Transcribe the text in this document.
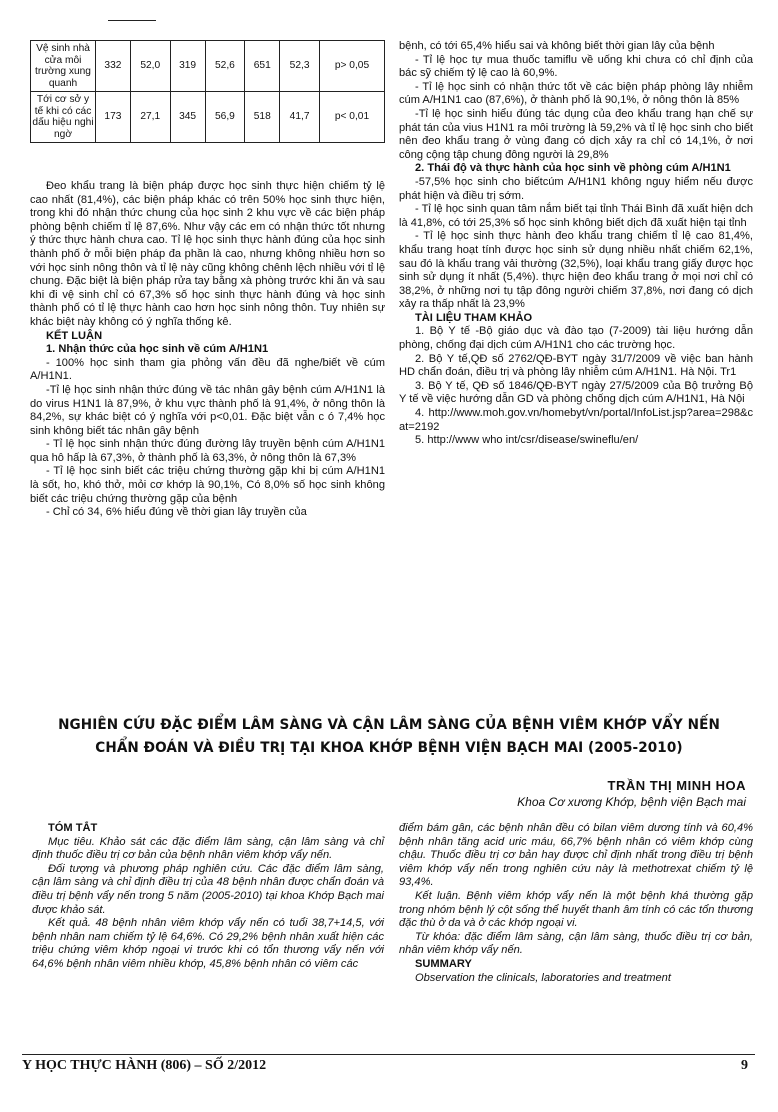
Vệ sinh nhà cửa môi trường xung quanh	332	52,0	319	52,6	651	52,3	p> 0,05
Tới cơ sở y tế khi có các dấu hiệu nghi ngờ	173	27,1	345	56,9	518	41,7	p< 0,01

Đeo khẩu trang là biện pháp được học sinh thực hiện chiếm tỷ lệ cao nhất (81,4%), các biện pháp khác có trên 50% học sinh thực hiện, trong khi đó nhận thức chung của học sinh 2 khu vực về các biện pháp phòng bệnh chiếm tỉ lệ 87,6%. Như vậy các em có nhận thức tốt nhưng ý thức thực hành chưa cao. Tỉ lệ học sinh thực hành đúng của học sinh thành phố ở mỗi biện pháp đa phần là cao, nhưng không nhiều hơn so với học sinh nông thôn và tỉ lệ này cũng không chênh lệch nhiều với tỉ lệ chung. Đặc biệt là biện pháp rửa tay bằng xà phòng trước khi ăn và sau khi đi vệ sinh chỉ có 67,3% số học sinh thực hành đúng và học sinh thành phố có tỉ lệ thực hành cao hơn học sinh nông thôn. Tuy nhiên sự khác biệt này không có ý nghĩa thống kê.

KẾT LUẬN

1. Nhận thức của học sinh về cúm A/H1N1

- 100% học sinh tham gia phỏng vấn đều đã nghe/biết về cúm A/H1N1.

-Tỉ lệ học sinh nhận thức đúng về tác nhân gây bệnh cúm A/H1N1 là do virus H1N1 là 87,9%, ở khu vực thành phố là 91,4%, ở nông thôn là 84,2%, sự khác biệt có ý nghĩa với p<0,01. Đặc biệt vẫn c ó 7,4% học sinh không biết tác nhân gây bệnh

- Tỉ lệ học sinh nhận thức đúng đường lây truyền bệnh cúm A/H1N1 qua hô hấp là 67,3%, ở thành phố là 63,3%, ở nông thôn là 67,3%

- Tỉ lệ học sinh biết các triệu chứng thường gặp khi bị cúm A/H1N1 là sốt, ho, khó thở, mỏi cơ khớp là 90,1%, Có 8,0% số học sinh không biết các triệu chứng thường gặp của bệnh

- Chỉ có 34, 6% hiểu đúng về thời gian lây truyền của

bệnh, có tới 65,4% hiểu sai và không biết thời gian lây của bệnh

- Tỉ lệ học tự mua thuốc tamiflu về uống khi chưa có chỉ định của bác sỹ chiếm tỷ lệ cao là 60,9%.

- Tỉ lệ học sinh có nhận thức tốt về các biện pháp phòng lây nhiễm cúm A/H1N1 cao (87,6%), ở thành phố là 90,1%, ở nông thôn là 85%

-Tỉ lệ học sinh hiểu đúng tác dụng của đeo khẩu trang hạn chế sự phát tán của vius H1N1 ra môi trường là 59,2% và tỉ lệ học sinh cho biết nên đeo khẩu trang ở vùng đang có dịch xảy ra chỉ có 14,1%, ở nơi công cộng tập chung đông người là 29,8%

2. Thái độ và thực hành của học sinh về phòng cúm A/H1N1

-57,5% học sinh cho biếtcúm A/H1N1 không nguy hiểm nếu được phát hiện và điều trị sớm.

- Tỉ lệ học sinh quan tâm nắm biết tại tỉnh Thái Bình đã xuất hiện dch là 41,8%, có tới 25,3% số học sinh không biết dịch đã xuất hiện tại tỉnh

- Tỉ lệ học sinh thực hành đeo khẩu trang chiếm tỉ lệ cao 81,4%, khẩu trang hoạt tính được học sinh sử dụng nhiều nhất chiếm 62,1%, sau đó là khẩu trang vải thường (32,5%), loại khẩu trang giấy được học sinh sử dụng ít nhất (5,4%). thực hiện đeo khẩu trang ở mọi nơi chỉ có 38,2%, ở những nơi tụ tập đông người chiếm 37,8%, nơi đang có dịch xảy ra thấp nhất là 23,9%

TÀI LIỆU THAM KHẢO

1. Bộ Y tế -Bộ giáo dục và đào tạo (7-2009) tài liệu hướng dẫn phòng, chống đại dịch cúm A/H1N1 cho các trường học.

2. Bộ Y tế,QĐ số 2762/QĐ-BYT ngày 31/7/2009 về việc ban hành HD chẩn đoán, điều trị và phòng lây nhiễm cúm A/H1N1. Hà Nội. Tr1

3. Bộ Y tế, QĐ số 1846/QĐ-BYT ngày 27/5/2009 của Bộ trưởng Bộ Y tế về việc hướng dẫn GD và phòng chống dịch cúm A/H1N1, Hà Nội

4. http://www.moh.gov.vn/homebyt/vn/portal/InfoList.jsp?area=298&cat=2192

5. http://www who int/csr/disease/swineflu/en/

NGHIÊN CỨU ĐẶC ĐIỂM LÂM SÀNG VÀ CẬN LÂM SÀNG CỦA BỆNH VIÊM KHỚP VẨY NẾN
CHẨN ĐOÁN VÀ ĐIỀU TRỊ TẠI KHOA KHỚP BỆNH VIỆN BẠCH MAI (2005-2010)
TRẦN THỊ MINH HOA
Khoa Cơ xương Khớp, bệnh viện Bạch mai

TÓM TẮT

Mục tiêu. Khảo sát các đặc điểm lâm sàng, cận lâm sàng và chỉ định thuốc điều trị cơ bản của bệnh nhân viêm khớp vẩy nến.

Đối tượng và phương pháp nghiên cứu. Các đặc điểm lâm sàng, cận lâm sàng và chỉ định điều trị của 48 bệnh nhân được chẩn đoán và điều trị bệnh vẩy nến trong 5 năm (2005-2010) tại khoa Khớp Bạch mai được khảo sát.

Kết quả. 48 bệnh nhân viêm khớp vẩy nến có tuổi 38,7+14,5, với bệnh nhân nam chiếm tỷ lệ 64,6%. Có 29,2% bệnh nhân xuất hiện các triệu chứng viêm khớp ngoại vi trước khi có tổn thương vẩy nến với 64,6% bệnh nhân viêm nhiều khớp, 45,8% bệnh nhân có viêm các

điểm bám gân, các bệnh nhân đều có bilan viêm dương tính và 60,4% bệnh nhân tăng acid uric máu, 66,7% bệnh nhân có viêm khớp cùng chậu. Thuốc điều trị cơ bản hay được chỉ định nhất trong điều trị bệnh viêm khớp vẩy nến trong nghiên cứu này là methotrexat chiếm tỷ lệ 93,4%.

Kết luận. Bệnh viêm khớp vẩy nến là một bệnh khá thường gặp trong nhóm bệnh lý cột sống thể huyết thanh âm tính có các tổn thương đặc thù ở da và ở các khớp ngoại vi.

Từ khóa: đặc điểm lâm sàng, cận lâm sàng, thuốc điều trị cơ bản, nhân viêm khớp vẩy nến.

SUMMARY

Observation the clinicals, laboratories and treatment

Y HỌC THỰC HÀNH (806) – SỐ 2/2012	9
